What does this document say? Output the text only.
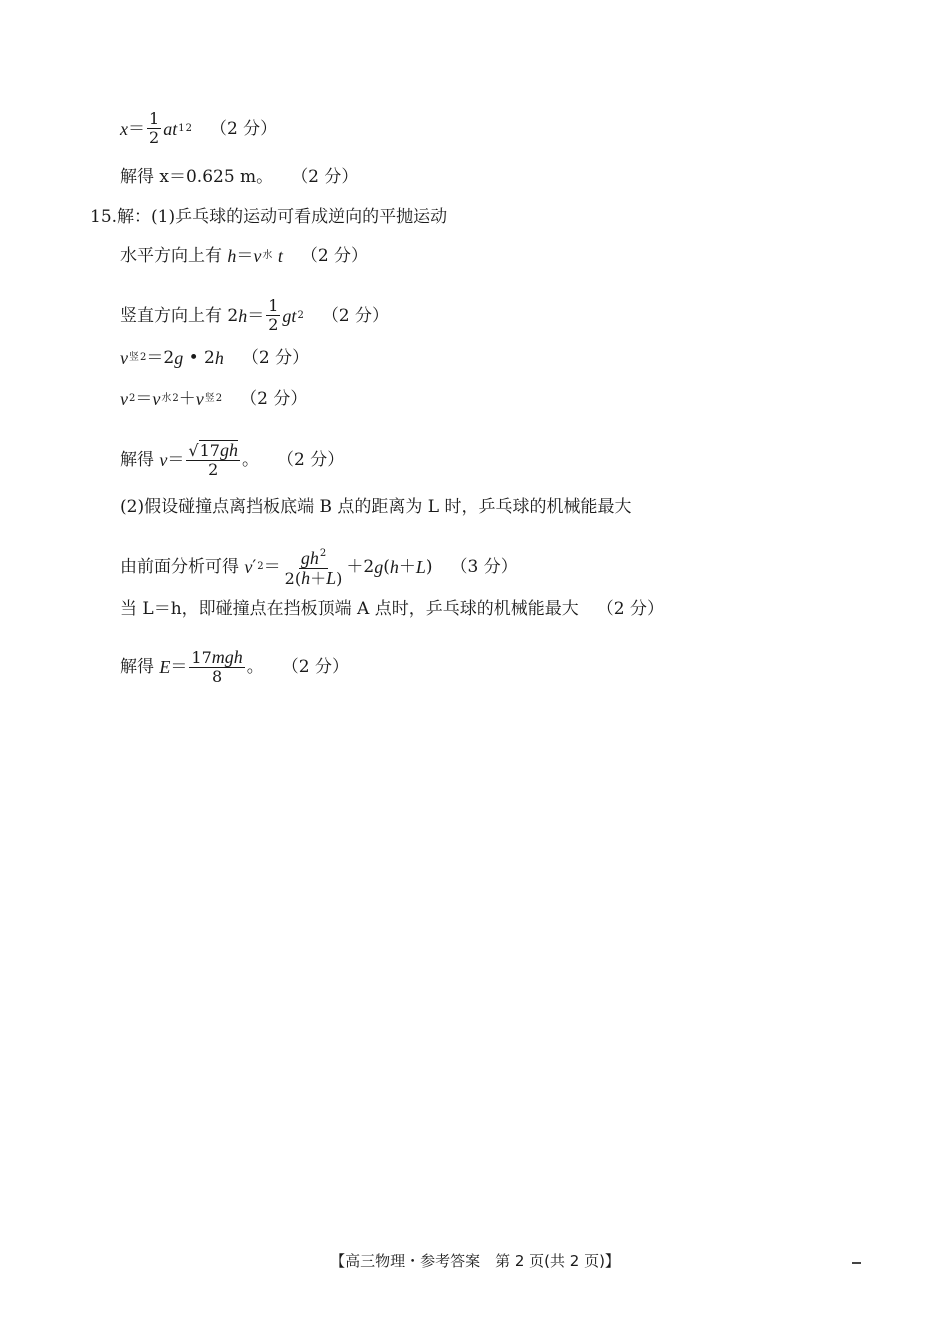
$x = \frac{1}{2}$ a t 1 2 （2 分）
解得 x＝0.625 m。 （2 分）
15.解：(1)乒乓球的运动可看成逆向的平抛运动
水平方向上有
h ＝ v 水
t （2 分）
竖直方向上有 2 $h = \frac{1}{2}$ g t 2 （2 分）
v 竖 2 ＝2 g • 2 h （2 分）
v 2 ＝ v 水 2 ＋ v 竖 2 （2 分）
解得
$v = \frac{√17gh}{2}$ 。 （2 分）
(2)假设碰撞点离挡板底端 B 点的距离为 L 时，乒乓球的机械能最大
由前面分析可得
v ′ $2 = \frac{gh^2}{2(h+L)} +2$ g ( h ＋ L ) （3 分）
当 L＝h，即碰撞点在挡板顶端 A 点时，乒乓球的机械能最大 （2 分）
解得
$E = \frac{\text{17mgh}}{8}$ 。 （2 分）
【高三物理・参考答案　第 2 页(共 2 页)】
